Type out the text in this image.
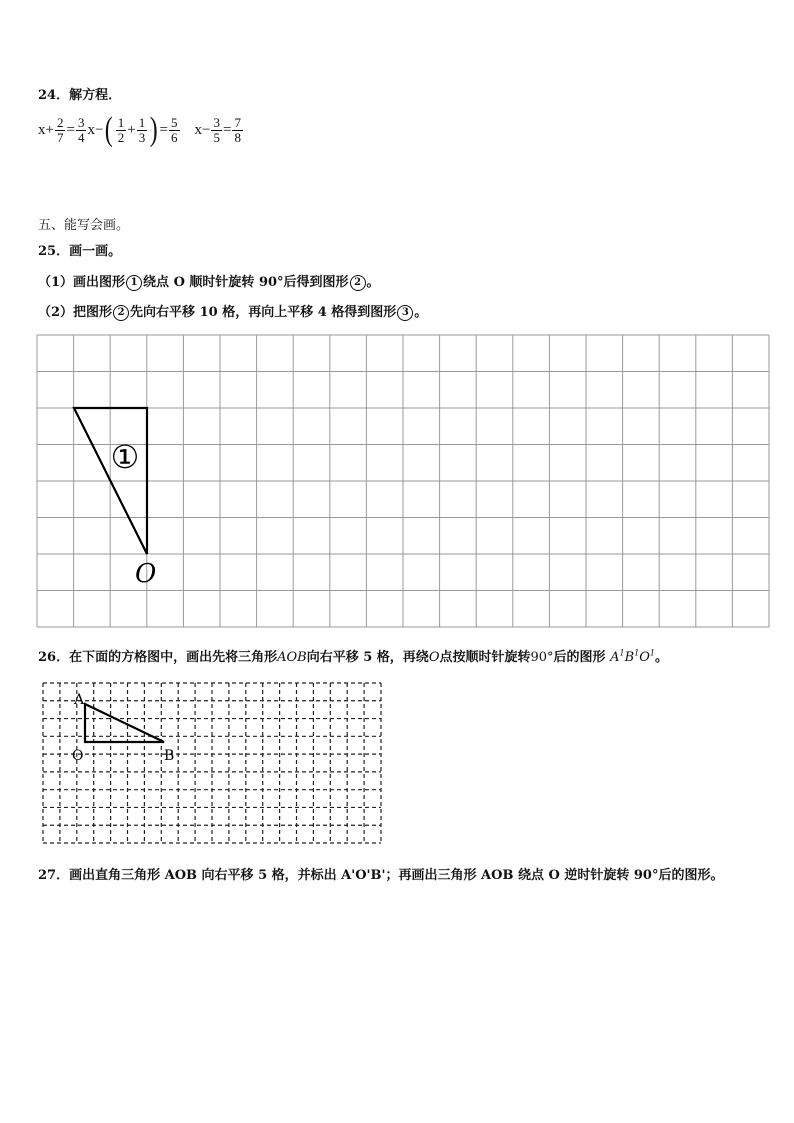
24．解方程．
$x + \frac{2}{7} = \frac{3}{4}$ x − ( $\frac{1}{2} + \frac{1}{3}$ ) = $\frac{5}{6}$ $x - \frac{3}{5} = \frac{7}{8}$
五、能写会画。
25．画一画。
（1）画出图形 1 绕点 O 顺时针旋转 90°后得到图形 2 。
（2）把图形 2 先向右平移 10 格，再向上平移 4 格得到图形 3 。
①
O
26．在下面的方格图中，画出先将三角形AOB向右平移 5 格，再绕O点按顺时针旋转90°后的图形 $A^1B^1O^1$。
A
O	B
27．画出直角三角形 AOB 向右平移 5 格，并标出 A'O'B'；再画出三角形 AOB 绕点 O 逆时针旋转 90°后的图形。
